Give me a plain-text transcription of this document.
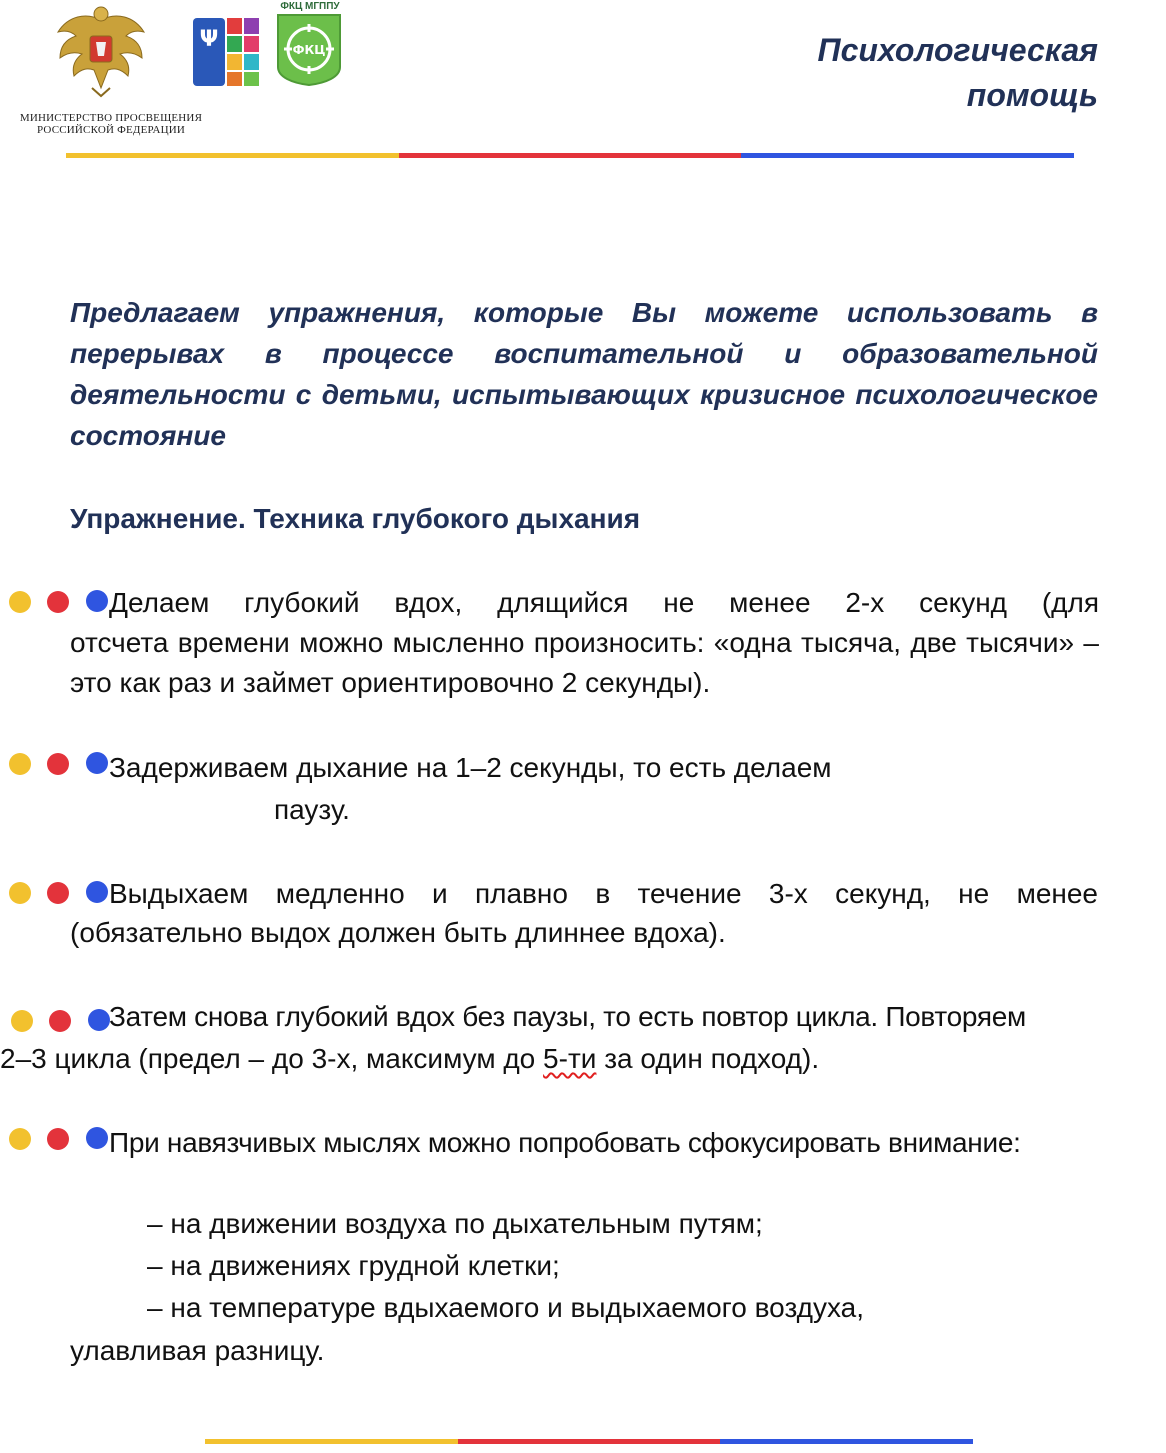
МИНИСТЕРСТВО ПРОСВЕЩЕНИЯ РОССИЙСКОЙ ФЕДЕРАЦИИ
Ψ
ФКЦ МГППУ
ФКЦ	Психологическая
помощь
Предлагаем упражнения, которые Вы можете использовать в перерывах в процессе воспитательной и образовательной деятельности с детьми, испытывающих кризисное психологическое состояние
Упражнение. Техника глубокого дыхания
Делаем глубокий вдох, длящийся не менее 2-х секунд (для
отсчета времени можно мысленно произносить: «одна тысяча, две тысячи» – это как раз и займет ориентировочно 2 секунды).
Задерживаем дыхание на 1–2 секунды, то есть делаем
паузу.
Выдыхаем медленно и плавно в течение 3-х секунд, не менее
(обязательно выдох должен быть длиннее вдоха).
Затем снова глубокий вдох без паузы, то есть повтор цикла. Повторяем
2–3 цикла (предел – до 3-х, максимум до 5-ти за один подход).
При навязчивых мыслях можно попробовать сфокусировать внимание:
– на движении воздуха по дыхательным путям;
– на движениях грудной клетки;
– на температуре вдыхаемого и выдыхаемого воздуха,
улавливая разницу.
